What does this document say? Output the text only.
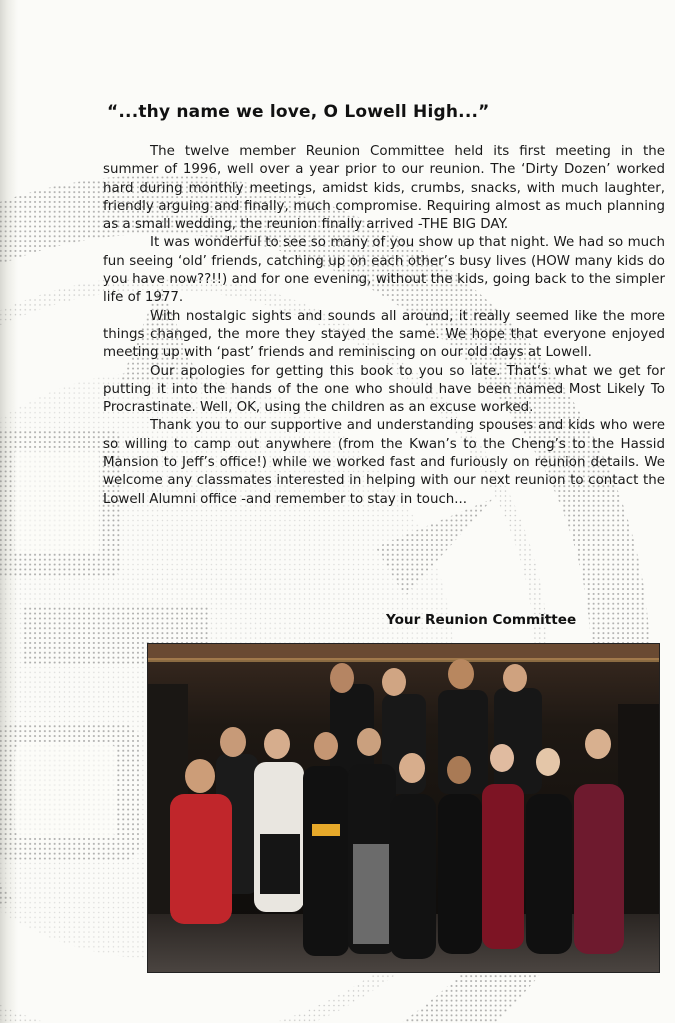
“...thy name we love, O Lowell High...”

The twelve member Reunion Committee held its first meeting in the summer of 1996, well over a year prior to our reunion. The ‘Dirty Dozen’ worked hard during monthly meetings, amidst kids, crumbs, snacks, with much laughter, friendly arguing and finally, much compromise. Requiring almost as much planning as a small wedding, the reunion finally arrived -THE BIG DAY.

It was wonderful to see so many of you show up that night. We had so much fun seeing ‘old’ friends, catching up on each other’s busy lives (HOW many kids do you have now??!!) and for one evening, without the kids, going back to the simpler life of 1977.

With nostalgic sights and sounds all around, it really seemed like the more things changed, the more they stayed the same. We hope that everyone enjoyed meeting up with ‘past’ friends and reminiscing on our old days at Lowell.

Our apologies for getting this book to you so late. That’s what we get for putting it into the hands of the one who should have been named Most Likely To Procrastinate. Well, OK, using the children as an excuse worked.

Thank you to our supportive and understanding spouses and kids who were so willing to camp out anywhere (from the Kwan’s to the Cheng’s to the Hassid Mansion to Jeff’s office!) while we worked fast and furiously on reunion details. We welcome any classmates interested in helping with our next reunion to contact the Lowell Alumni office -and remember to stay in touch...

Your Reunion Committee
